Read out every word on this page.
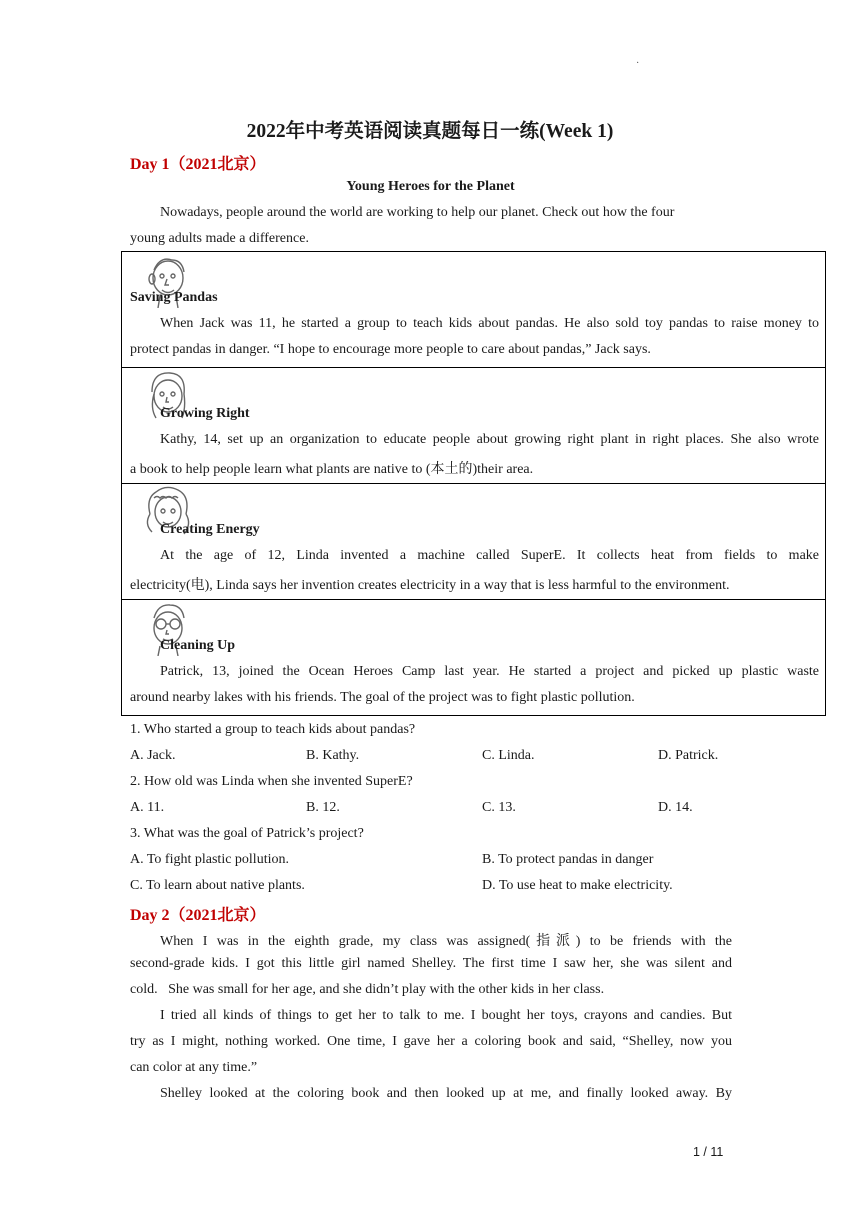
·
2022年中考英语阅读真题每日一练(Week 1)
Day 1（2021北京）
Young Heroes for the Planet
Nowadays, people around the world are working to help our planet. Check out how the four
young adults made a difference.
Saving Pandas
When Jack was 11, he started a group to teach kids about pandas. He also sold toy pandas to raise money to
protect pandas in danger. “I hope to encourage more people to care about pandas,” Jack says.
Growing Right
Kathy, 14, set up an organization to educate people about growing right plant in right places. She also wrote
a book to help people learn what plants are native to (本土的)their area.
Creating Energy
At the age of 12, Linda invented a machine called SuperE. It collects heat from fields to make
electricity(电), Linda says her invention creates electricity in a way that is less harmful to the environment.
Cleaning Up
Patrick, 13, joined the Ocean Heroes Camp last year. He started a project and picked up plastic waste
around nearby lakes with his friends. The goal of the project was to fight plastic pollution.
1. Who started a group to teach kids about pandas?
A. Jack.	B. Kathy.	C. Linda.	D. Patrick.
2. How old was Linda when she invented SuperE?
A. 11.	B. 12.	C. 13.	D. 14.
3. What was the goal of Patrick’s project?
A. To fight plastic pollution.	B. To protect pandas in danger
C. To learn about native plants.	D. To use heat to make electricity.
Day 2（2021北京）
When I was in the eighth grade, my class was assigned(指派) to be friends with the
second-grade kids. I got this little girl named Shelley. The first time I saw her, she was silent and
cold.   She was small for her age, and she didn’t play with the other kids in her class.
I tried all kinds of things to get her to talk to me. I bought her toys, crayons and candies. But
try as I might, nothing worked. One time, I gave her a coloring book and said, “Shelley, now you
can color at any time.”
Shelley looked at the coloring book and then looked up at me, and finally looked away. By
1 / 11
